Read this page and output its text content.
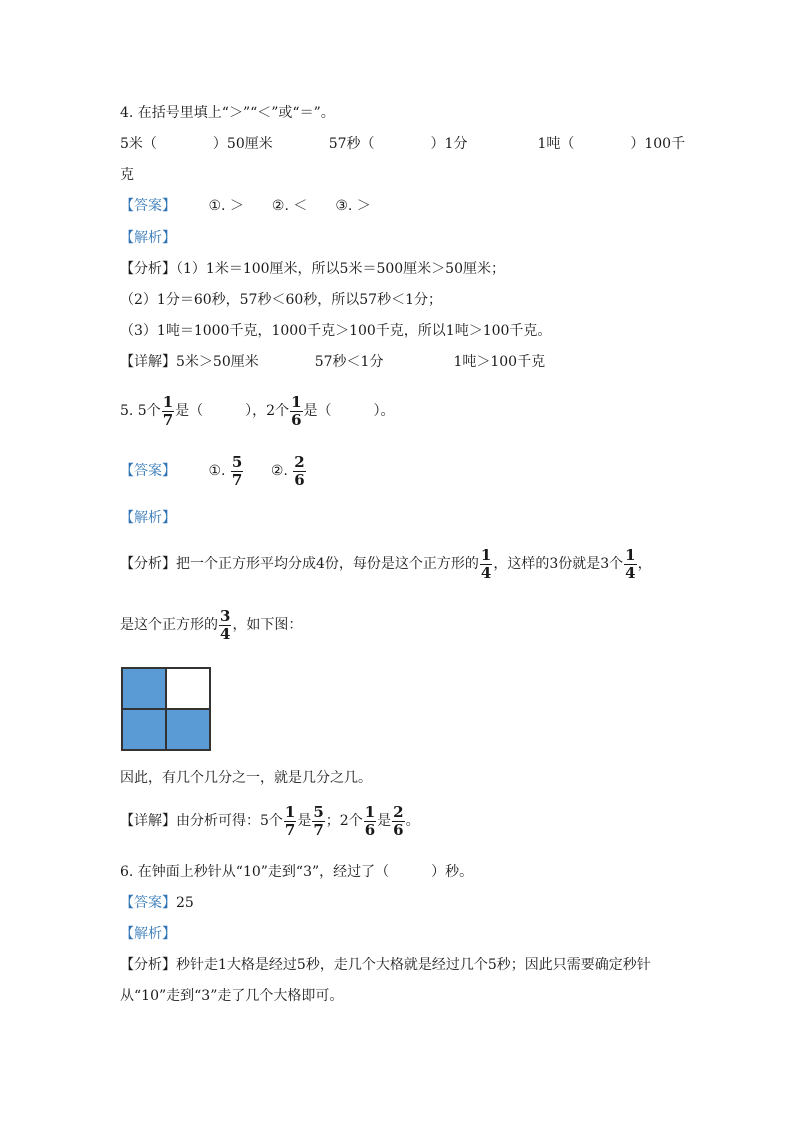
4. 在括号里填上“＞”“＜”或“＝”。
5米（　　　　）50厘米　　　　57秒（　　　　）1分　　　　　1吨（　　　　）100千
克
【答案】 ①. ＞　　②. ＜　　③. ＞
【解析】
【分析】（1）1米＝100厘米，所以5米＝500厘米＞50厘米；
（2）1分＝60秒，57秒＜60秒，所以57秒＜1分；
（3）1吨＝1000千克，1000千克＞100千克，所以1吨＞100千克。
【详解】5米＞50厘米　　　　57秒＜1分　　　　　1吨＞100千克
5. 5个 $\frac{1}{7}$ 是（　　　），2个 $\frac{1}{6}$ 是（　　　）。
【答案】 ①. $\frac{5}{7}$ ②. $\frac{2}{6}$
【解析】
【分析】把一个正方形平均分成4份，每份是这个正方形的 $\frac{1}{4}$ ，这样的3份就是3个 $\frac{1}{4}$ ，
是这个正方形的 $\frac{3}{4}$ ，如下图：
因此，有几个几分之一，就是几分之几。
【详解】由分析可得：5个 $\frac{1}{7}$ 是 $\frac{5}{7}$ ；2个 $\frac{1}{6}$ 是 $\frac{2}{6}$ 。
6. 在钟面上秒针从“10”走到“3”，经过了（　　　）秒。
【答案】25
【解析】
【分析】秒针走1大格是经过5秒，走几个大格就是经过几个5秒；因此只需要确定秒针
从“10”走到“3”走了几个大格即可。
